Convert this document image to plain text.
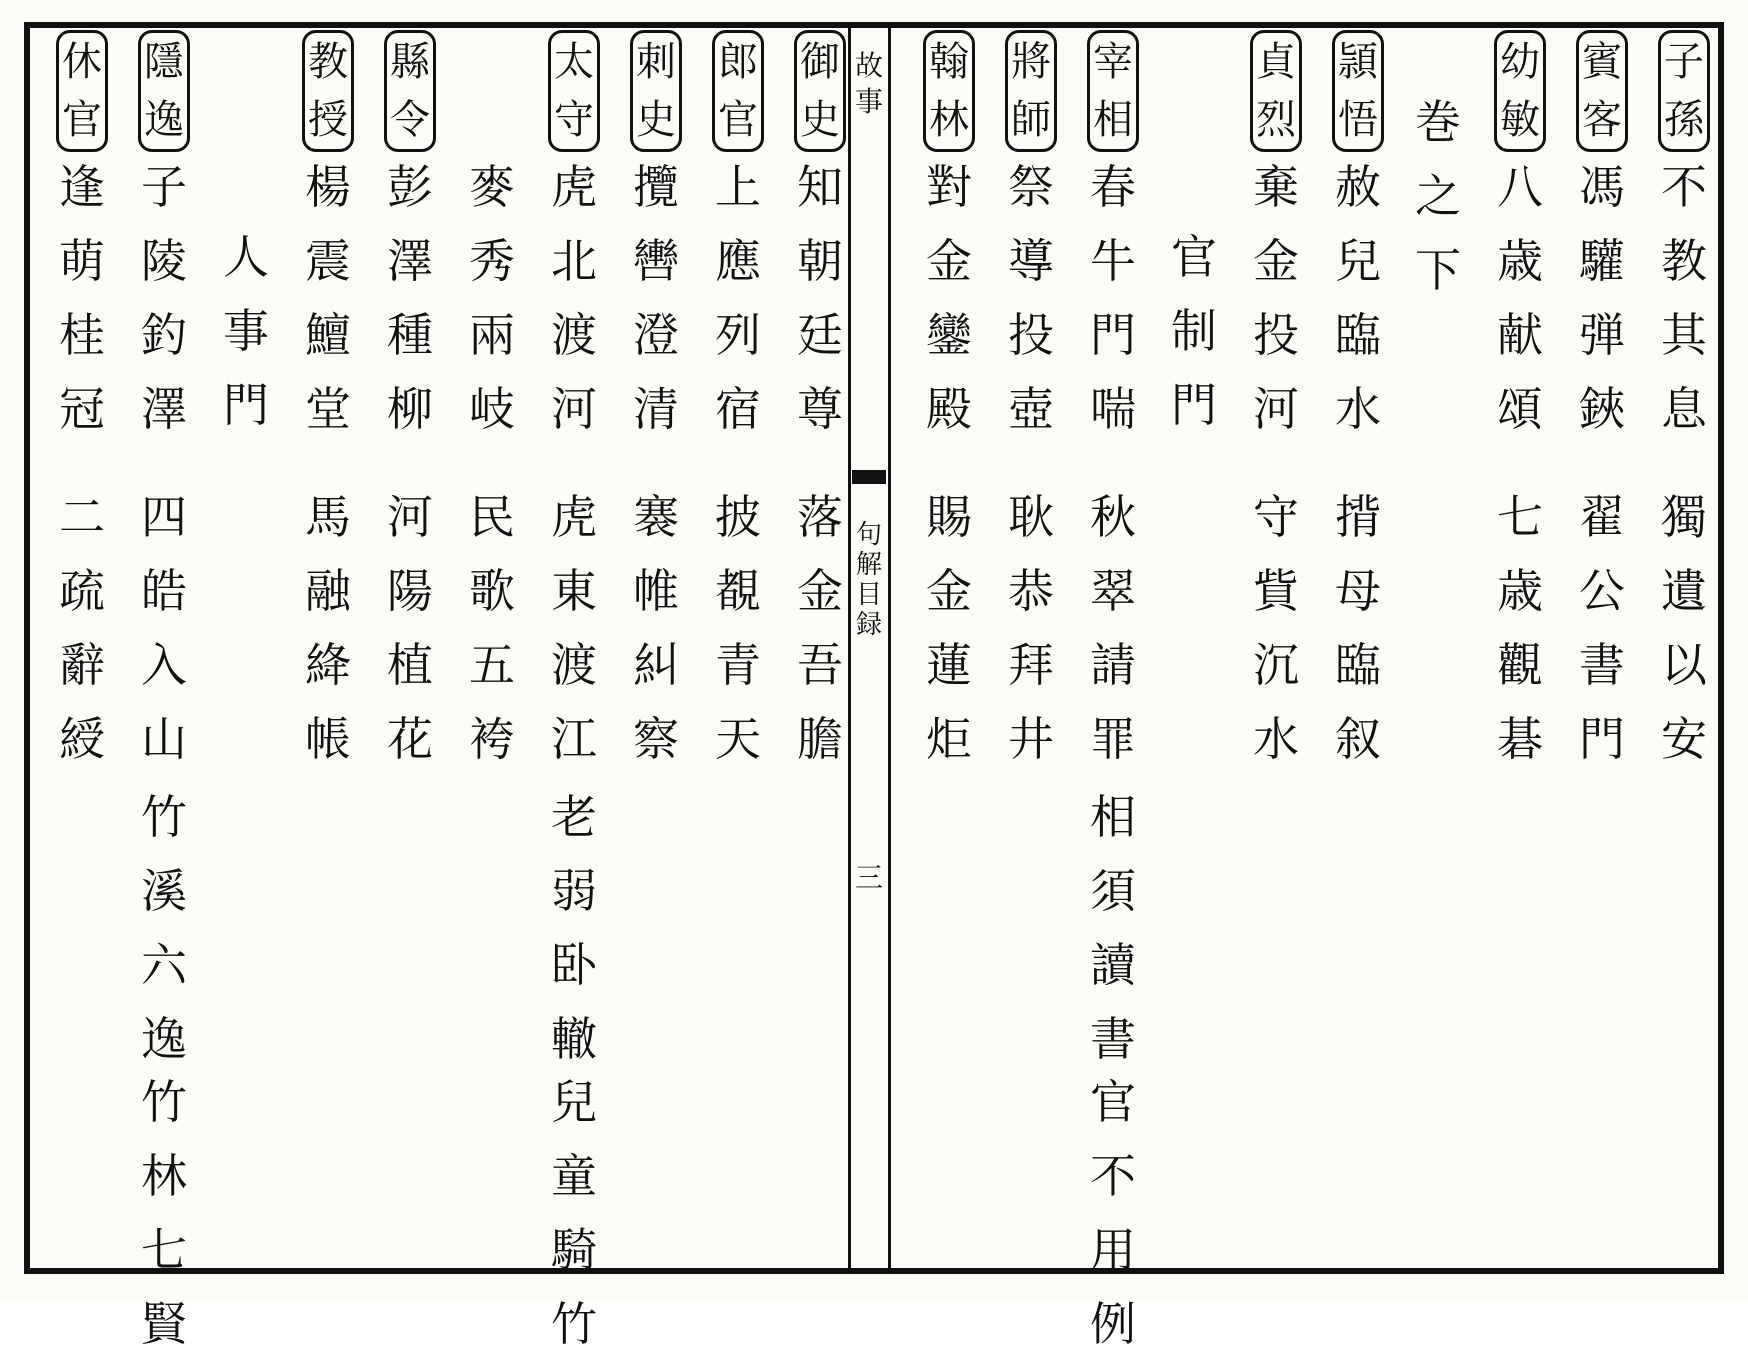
故
事
句
解
目
録
三
子
孫
不
教
其
息
獨
遺
以
安
賓
客
馮
驩
弾
鋏
翟
公
書
門
幼
敏
八
歳
献
頌
七
歳
觀
碁
巻
之
下
頴
悟
赦
兒
臨
水
揹
母
臨
叙
貞
烈
棄
金
投
河
守
貲
沉
水
官
制
門
宰
相
春
牛
門
喘
秋
翠
請
罪
相
須
讀
書
官
不
用
例
將
師
祭
導
投
壺
耿
恭
拜
井
翰
林
對
金
鑾
殿
賜
金
蓮
炬
御
史
知
朝
廷
尊
落
金
吾
膽
郎
官
上
應
列
宿
披
覩
青
天
刺
史
攬
轡
澄
清
褰
帷
糾
察
太
守
虎
北
渡
河
虎
東
渡
江
老
弱
卧
轍
兒
童
騎
竹
麥
秀
兩
岐
民
歌
五
袴
縣
令
彭
澤
種
柳
河
陽
植
花
教
授
楊
震
鱣
堂
馬
融
絳
帳
人
事
門
隱
逸
子
陵
釣
澤
四
皓
入
山
竹
溪
六
逸
竹
林
七
賢
休
官
逢
萌
桂
冠
二
疏
辭
綬
